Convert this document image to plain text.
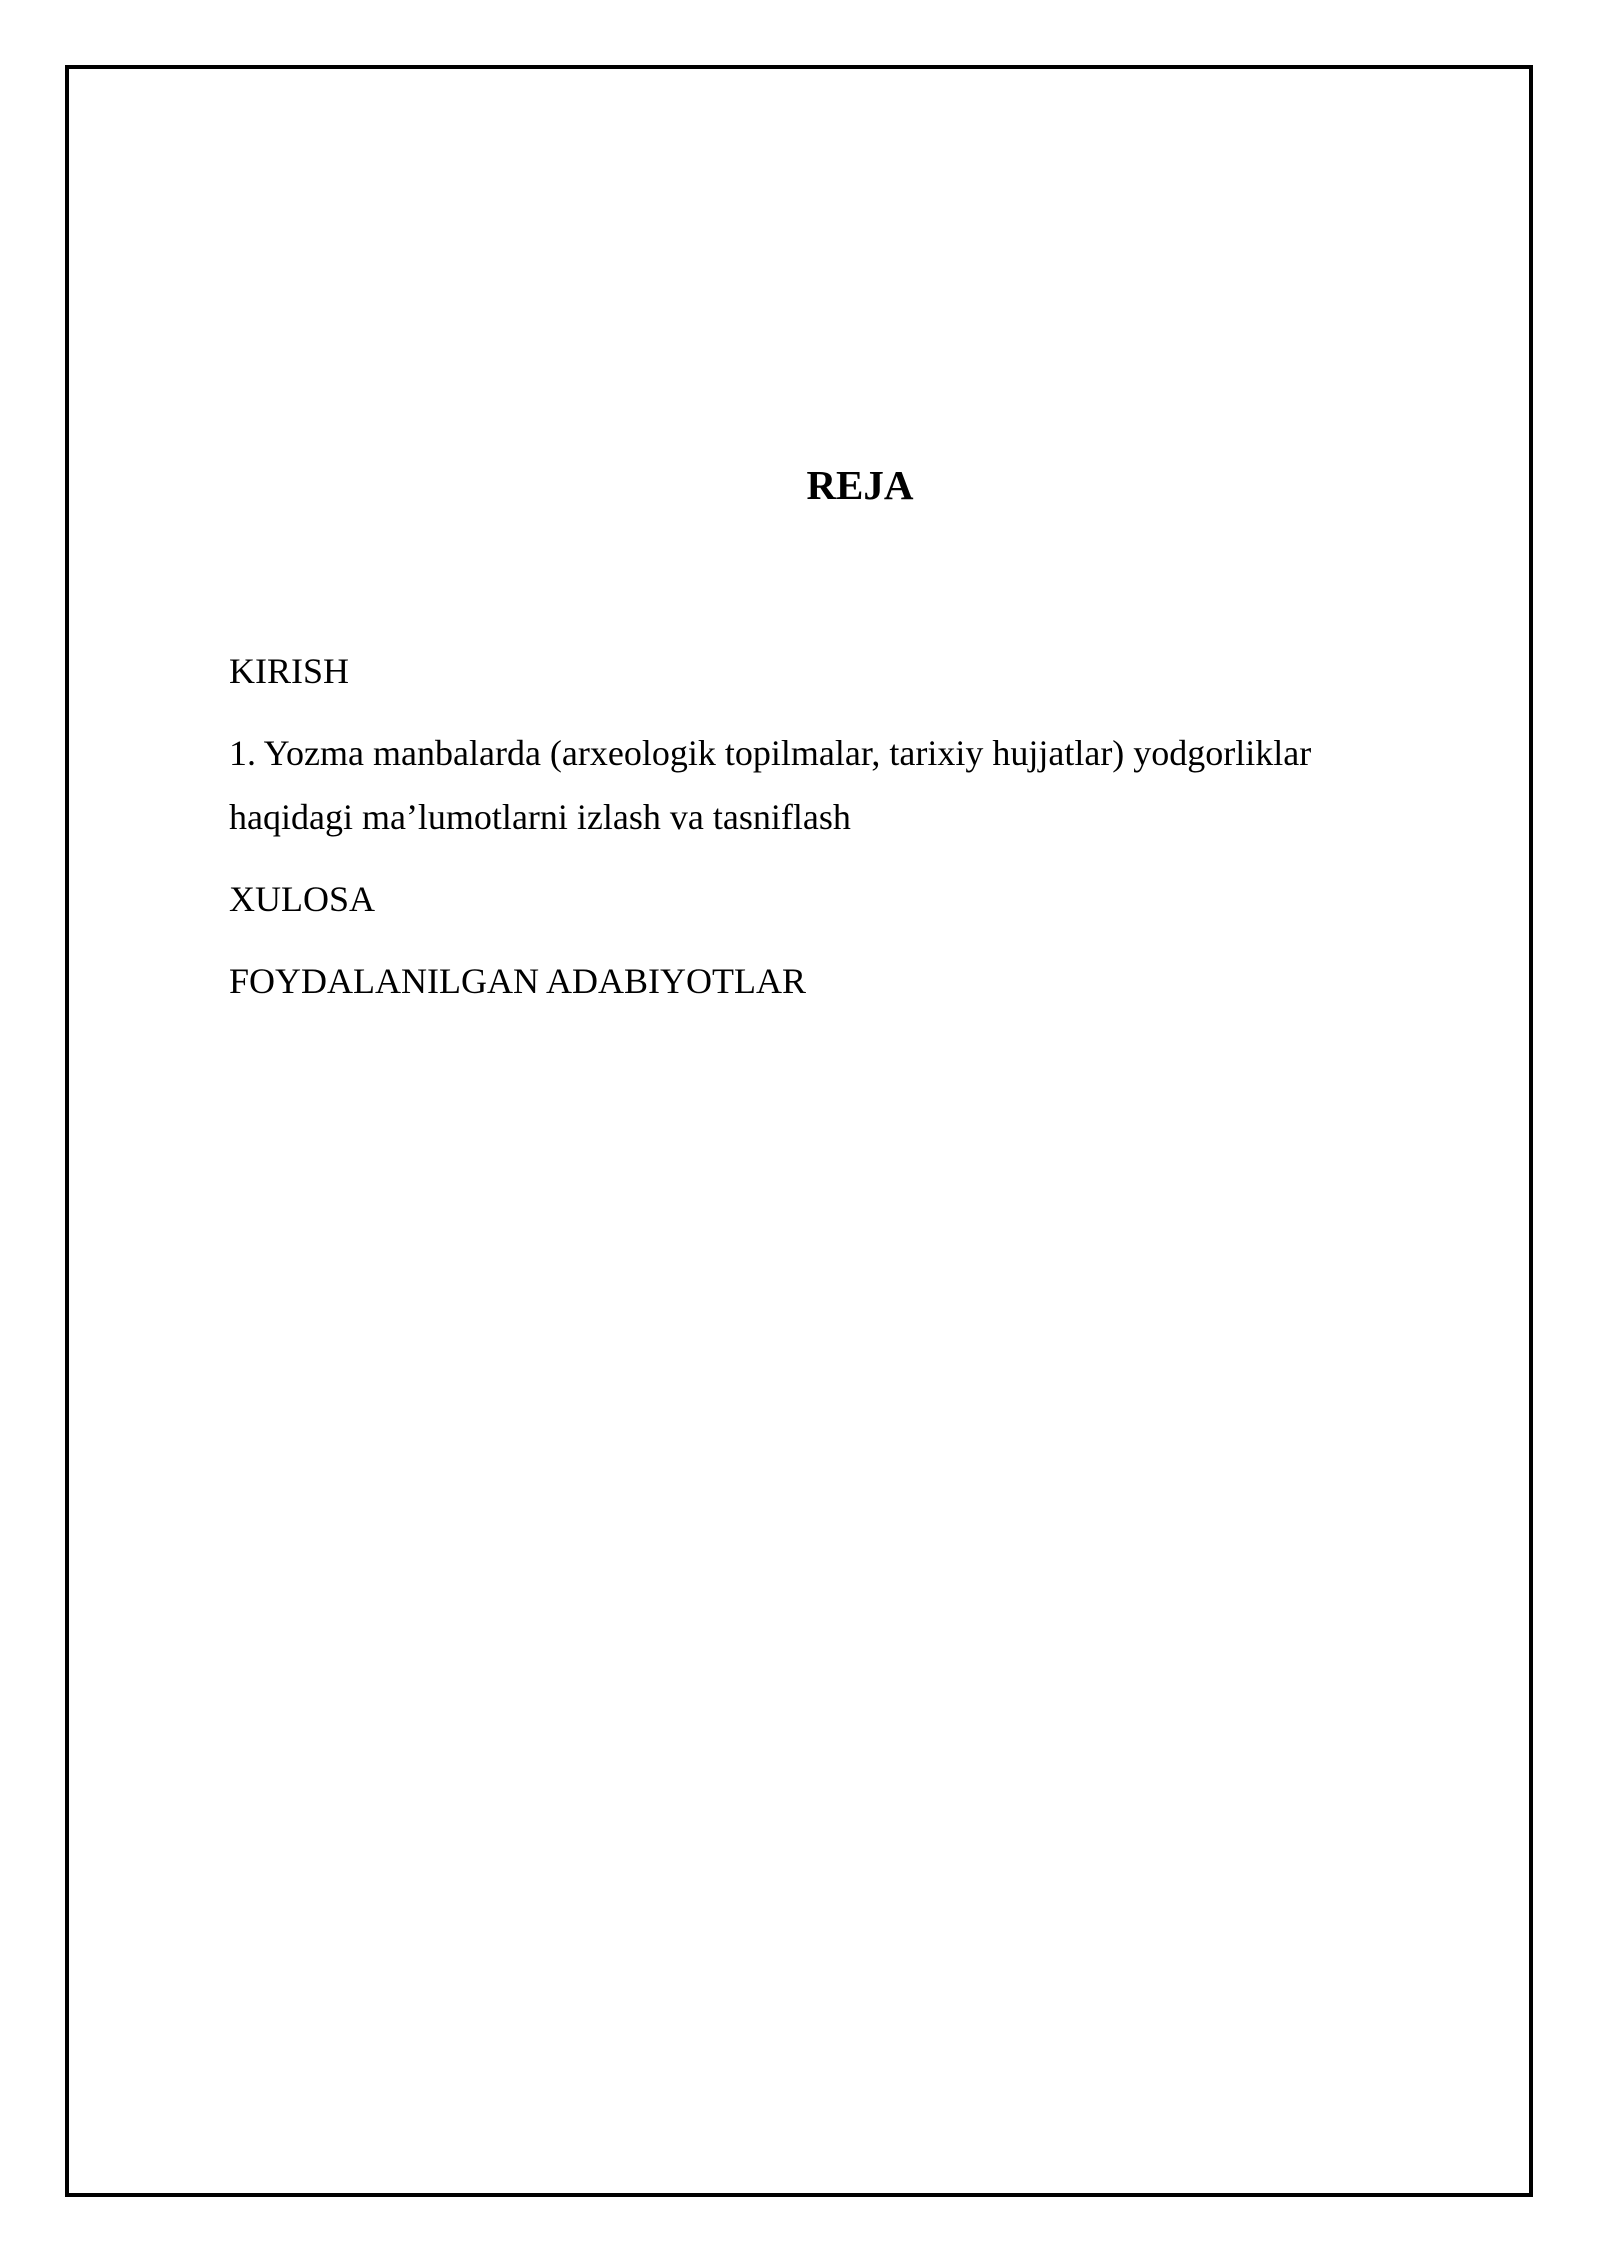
REJA
KIRISH
1. Yozma manbalarda (arxeologik topilmalar, tarixiy hujjatlar) yodgorliklar haqidagi ma’lumotlarni izlash va tasniflash
XULOSA
FOYDALANILGAN ADABIYOTLAR
